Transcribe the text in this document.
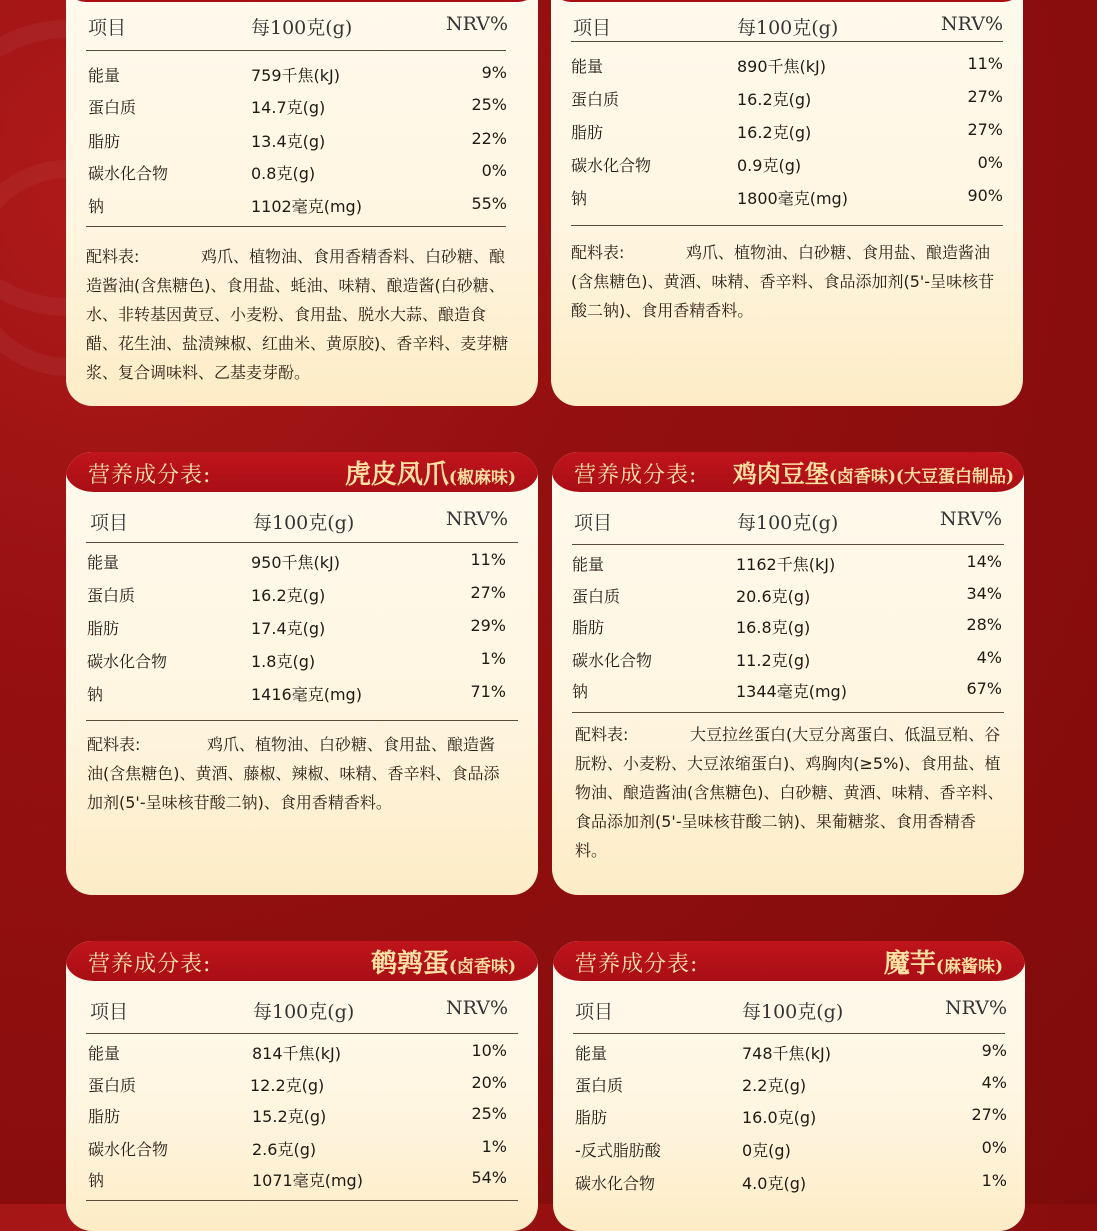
项目	每100克(g)	NRV%
能量	759千焦(kJ)	9%
蛋白质	14.7克(g)	25%
脂肪	13.4克(g)	22%
碳水化合物	0.8克(g)	0%
钠	1102毫克(mg)	55%
配料表:	鸡爪、植物油、食用香精香料、白砂糖、酿造酱油(含焦糖色)、食用盐、蚝油、味精、酿造酱(白砂糖、水、非转基因黄豆、小麦粉、食用盐、脱水大蒜、酿造食醋、花生油、盐渍辣椒、红曲米、黄原胶)、香辛料、麦芽糖浆、复合调味料、乙基麦芽酚。
项目	每100克(g)	NRV%
能量	890千焦(kJ)	11%
蛋白质	16.2克(g)	27%
脂肪	16.2克(g)	27%
碳水化合物	0.9克(g)	0%
钠	1800毫克(mg)	90%
配料表:	鸡爪、植物油、白砂糖、食用盐、酿造酱油(含焦糖色)、黄酒、味精、香辛料、食品添加剂(5'-呈味核苷酸二钠)、食用香精香料。
营养成分表:	虎皮凤爪(椒麻味)
项目	每100克(g)	NRV%
能量	950千焦(kJ)	11%
蛋白质	16.2克(g)	27%
脂肪	17.4克(g)	29%
碳水化合物	1.8克(g)	1%
钠	1416毫克(mg)	71%
配料表:	鸡爪、植物油、白砂糖、食用盐、酿造酱油(含焦糖色)、黄酒、藤椒、辣椒、味精、香辛料、食品添加剂(5'-呈味核苷酸二钠)、食用香精香料。
营养成分表: 鸡肉豆堡(卤香味)(大豆蛋白制品)
项目	每100克(g)	NRV%
能量	1162千焦(kJ)	14%
蛋白质	20.6克(g)	34%
脂肪	16.8克(g)	28%
碳水化合物	11.2克(g)	4%
钠	1344毫克(mg)	67%
配料表:	大豆拉丝蛋白(大豆分离蛋白、低温豆粕、谷朊粉、小麦粉、大豆浓缩蛋白)、鸡胸肉(≥5%)、食用盐、植物油、酿造酱油(含焦糖色)、白砂糖、黄酒、味精、香辛料、食品添加剂(5'-呈味核苷酸二钠)、果葡糖浆、食用香精香料。
营养成分表:	鹌鹑蛋(卤香味)
项目	每100克(g)	NRV%
能量	814千焦(kJ)	10%
蛋白质	12.2克(g)	20%
脂肪	15.2克(g)	25%
碳水化合物	2.6克(g)	1%
钠	1071毫克(mg)	54%
营养成分表:	魔芋(麻酱味)
项目	每100克(g)	NRV%
能量	748千焦(kJ)	9%
蛋白质	2.2克(g)	4%
脂肪	16.0克(g)	27%
-反式脂肪酸	0克(g)	0%
碳水化合物	4.0克(g)	1%
